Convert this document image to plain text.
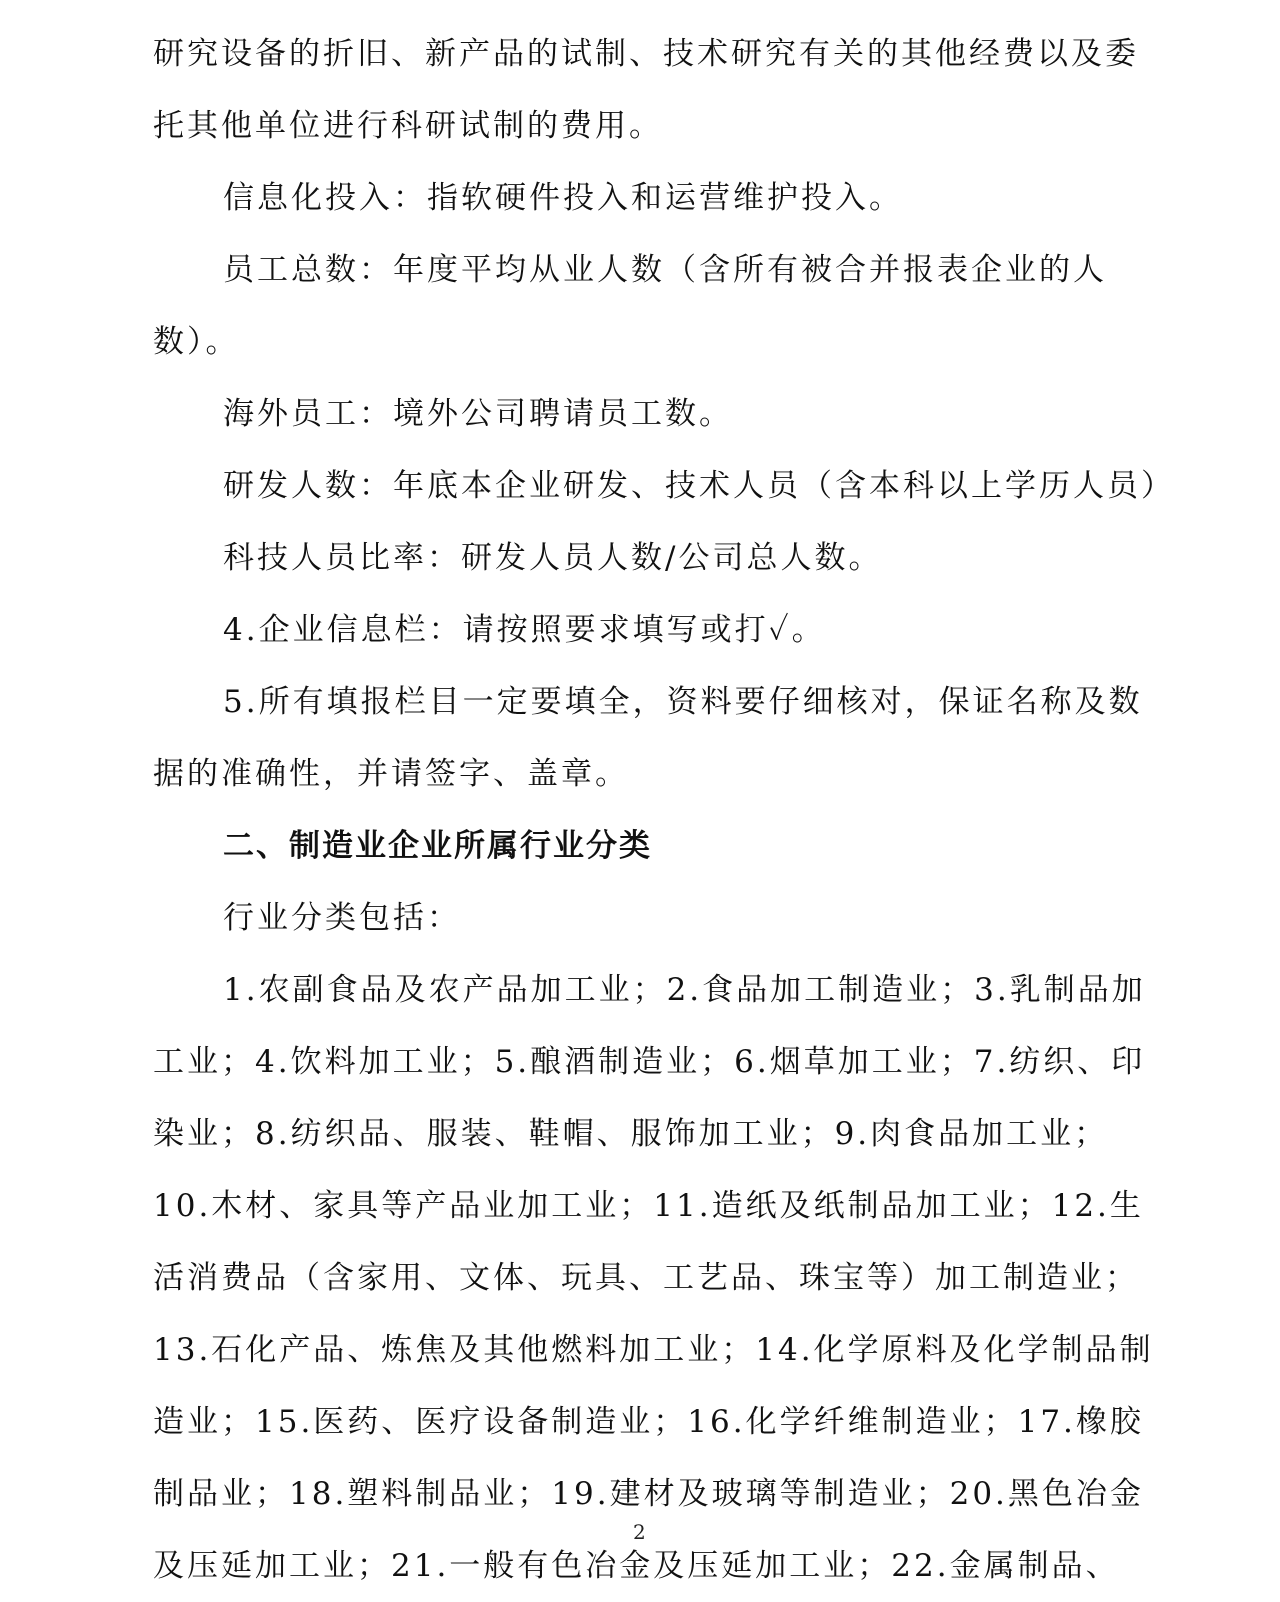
研究设备的折旧、新产品的试制、技术研究有关的其他经费以及委托其他单位进行科研试制的费用。

信息化投入：指软硬件投入和运营维护投入。

员工总数：年度平均从业人数（含所有被合并报表企业的人数）。

海外员工：境外公司聘请员工数。

研发人数：年底本企业研发、技术人员（含本科以上学历人员）

科技人员比率：研发人员人数/公司总人数。

4.企业信息栏：请按照要求填写或打✓。

5.所有填报栏目一定要填全，资料要仔细核对，保证名称及数据的准确性，并请签字、盖章。

二、制造业企业所属行业分类

行业分类包括：

1.农副食品及农产品加工业；2.食品加工制造业；3.乳制品加工业；4.饮料加工业；5.酿酒制造业；6.烟草加工业；7.纺织、印染业；8.纺织品、服装、鞋帽、服饰加工业；9.肉食品加工业；10.木材、家具等产品业加工业；11.造纸及纸制品加工业；12.生活消费品（含家用、文体、玩具、工艺品、珠宝等）加工制造业；13.石化产品、炼焦及其他燃料加工业；14.化学原料及化学制品制造业；15.医药、医疗设备制造业；16.化学纤维制造业；17.橡胶制品业；18.塑料制品业；19.建材及玻璃等制造业；20.黑色冶金及压延加工业；21.一般有色冶金及压延加工业；22.金属制品、

2
